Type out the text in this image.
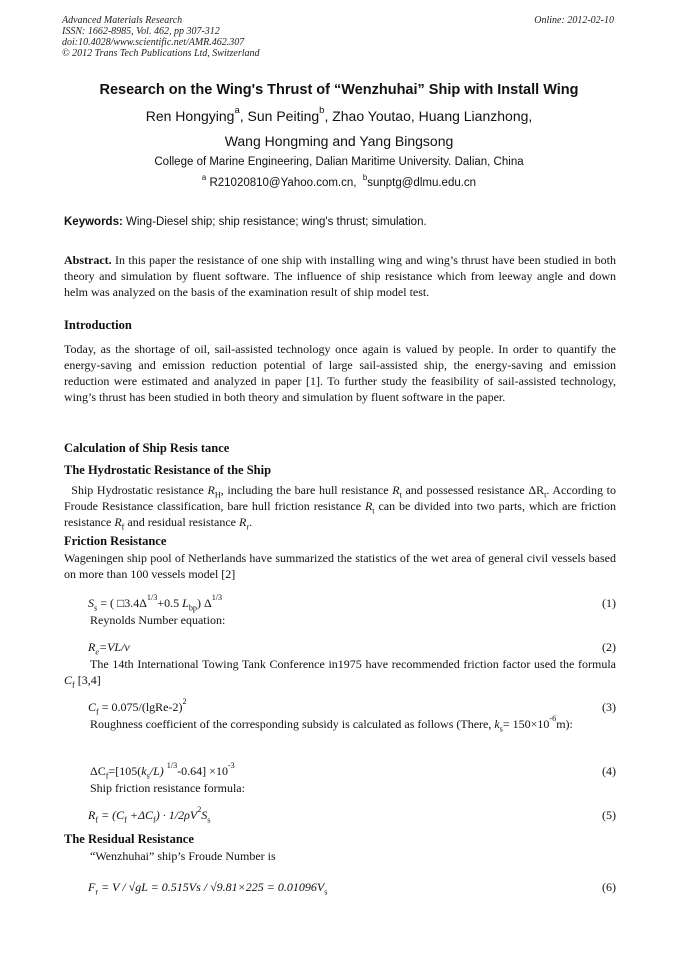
Advanced Materials Research
ISSN: 1662-8985, Vol. 462, pp 307-312
doi:10.4028/www.scientific.net/AMR.462.307
© 2012 Trans Tech Publications Ltd, Switzerland
Online: 2012-02-10
Research on the Wing's Thrust of “Wenzhuhai” Ship with Install Wing
Ren Hongying$^a$, Sun Peiting$^b$, Zhao Youtao, Huang Lianzhong,
Wang Hongming and Yang Bingsong
College of Marine Engineering, Dalian Maritime University. Dalian, China
$^a$ R21020810@Yahoo.com.cn, $^b$sunptg@dlmu.edu.cn
Keywords: Wing-Diesel ship; ship resistance; wing's thrust; simulation.

Abstract. In this paper the resistance of one ship with installing wing and wing’s thrust have been studied in both theory and simulation by fluent software. The influence of ship resistance which from leeway angle and down helm was analyzed on the basis of the examination result of ship model test.

Introduction
Today, as the shortage of oil, sail-assisted technology once again is valued by people. In order to quantify the energy-saving and emission reduction potential of large sail-assisted ship, the energy-saving and emission reduction were estimated and analyzed in paper [1]. To further study the feasibility of sail-assisted technology, wing’s thrust has been studied in both theory and simulation by fluent software in the paper.
Calculation of Ship Resis tance
The Hydrostatic Resistance of the Ship

Ship Hydrostatic resistance $R_H$, including the bare hull resistance $R_t$ and possessed resistance $\Delta R_t$. According to Froude Resistance classification, bare hull friction resistance $R_t$ can be divided into two parts, which are friction resistance $R_f$ and residual resistance $R_r$.

Friction Resistance
Wageningen ship pool of Netherlands have summarized the statistics of the wet area of general civil vessels based on more than 100 vessels model [2]
$S_s$ = ( $□3.4\Delta^{1/3}+0.5$ $L_{bp}$) $\Delta^{1/3}$	(1)
Reynolds Number equation:
$R_e=VL/v$	(2)

The 14th International Towing Tank Conference in1975 have recommended friction factor used the formula $C_f$ [3,4]

$C_f$ = 0.075/(lgRe-2)$^2$	(3)

Roughness coefficient of the corresponding subsidy is calculated as follows (There, $k_s= 150\times 10^{-6}m$):

$\Delta C_f=[105(k_s/L)$ $^{1/3}-0.64] \times 10^{-3}$	(4)
Ship friction resistance formula:
$R_f = (C_f +\Delta C_f) \cdot 1/2\rho V^2S_s$	(5)
The Residual Resistance
“Wenzhuhai” ship’s Froude Number is
$F_r = V / √gL = 0.515Vs / √9.81\times 225 = 0.01096V_s$	(6)
